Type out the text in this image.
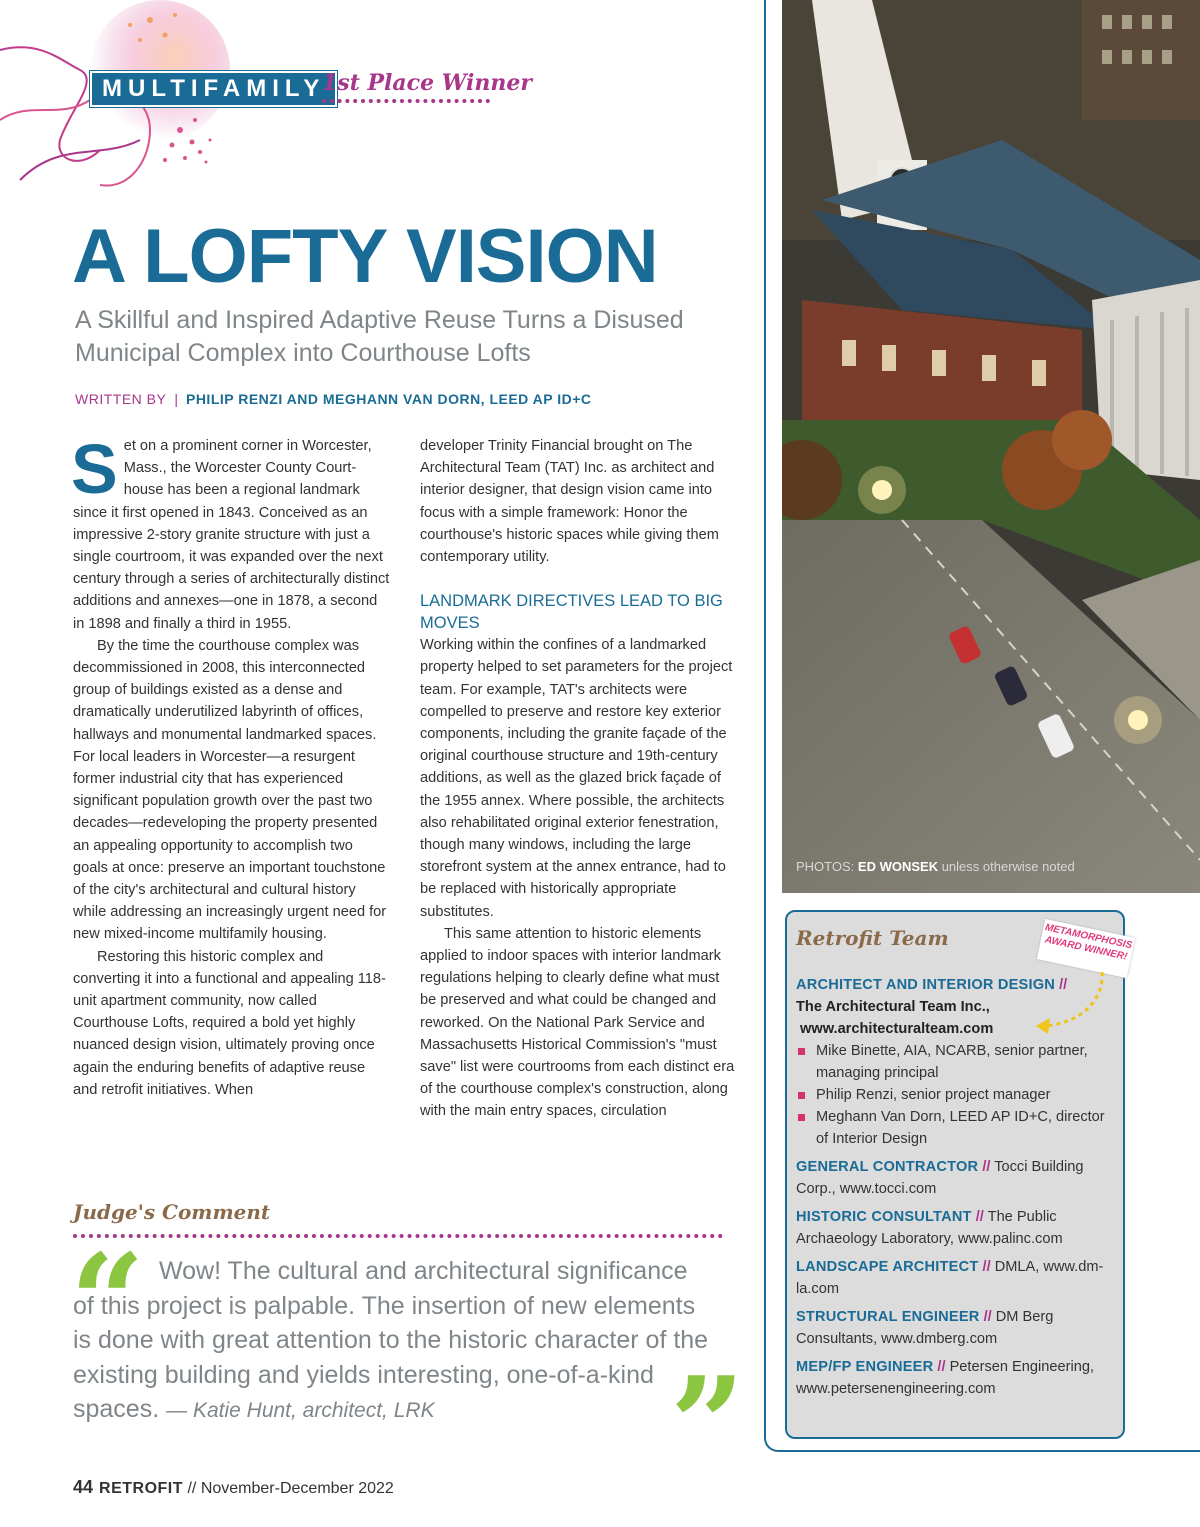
MULTIFAMILY
1st Place Winner
A LOFTY VISION
A Skillful and Inspired Adaptive Reuse Turns a Disused Municipal Complex into Courthouse Lofts
WRITTEN BY | PHILIP RENZI AND MEGHANN VAN DORN, LEED AP ID+C

Set on a prominent corner in Worcester, Mass., the Worcester County Court-house has been a regional landmark since it first opened in 1843. Conceived as an impressive 2-story granite structure with just a single courtroom, it was expanded over the next century through a series of architecturally distinct additions and annexes—one in 1878, a second in 1898 and finally a third in 1955.

By the time the courthouse complex was decommissioned in 2008, this interconnected group of buildings existed as a dense and dramatically underutilized labyrinth of offices, hallways and monumental landmarked spaces. For local leaders in Worcester—a resurgent former industrial city that has experienced significant population growth over the past two decades—redeveloping the property presented an appealing opportunity to accomplish two goals at once: preserve an important touchstone of the city's architectural and cultural history while addressing an increasingly urgent need for new mixed-income multifamily housing.

Restoring this historic complex and converting it into a functional and appealing 118-unit apartment community, now called Courthouse Lofts, required a bold yet highly nuanced design vision, ultimately proving once again the enduring benefits of adaptive reuse and retrofit initiatives. When

developer Trinity Financial brought on The Architectural Team (TAT) Inc. as architect and interior designer, that design vision came into focus with a simple framework: Honor the courthouse's historic spaces while giving them contemporary utility.

LANDMARK DIRECTIVES LEAD TO BIG MOVES

Working within the confines of a landmarked property helped to set parameters for the project team. For example, TAT's architects were compelled to preserve and restore key exterior components, including the granite façade of the original courthouse structure and 19th-century additions, as well as the glazed brick façade of the 1955 annex. Where possible, the architects also rehabilitated original exterior fenestration, though many windows, including the large storefront system at the annex entrance, had to be replaced with historically appropriate substitutes.

This same attention to historic elements applied to indoor spaces with interior landmark regulations helping to clearly define what must be preserved and what could be changed and reworked. On the National Park Service and Massachusetts Historical Commission's "must save" list were courtrooms from each distinct era of the courthouse complex's construction, along with the main entry spaces, circulation

Judge's Comment
“ Wow! The cultural and architectural significance of this project is palpable. The insertion of new elements is done with great attention to the historic character of the existing building and yields interesting, one-of-a-kind spaces. — Katie Hunt, architect, LRK	”
44 RETROFIT // November-December 2022
PHOTOS: ED WONSEK unless otherwise noted
Retrofit Team	METAMORPHOSIS AWARD WINNER!
ARCHITECT AND INTERIOR DESIGN //
The Architectural Team Inc.,
www.architecturalteam.com
Mike Binette, AIA, NCARB, senior partner, managing principal
Philip Renzi, senior project manager
Meghann Van Dorn, LEED AP ID+C, director of Interior Design
GENERAL CONTRACTOR // Tocci Building Corp., www.tocci.com
HISTORIC CONSULTANT // The Public Archaeology Laboratory, www.palinc.com
LANDSCAPE ARCHITECT // DMLA, www.dm-la.com
STRUCTURAL ENGINEER // DM Berg Consultants, www.dmberg.com
MEP/FP ENGINEER // Petersen Engineering, www.petersenengineering.com
